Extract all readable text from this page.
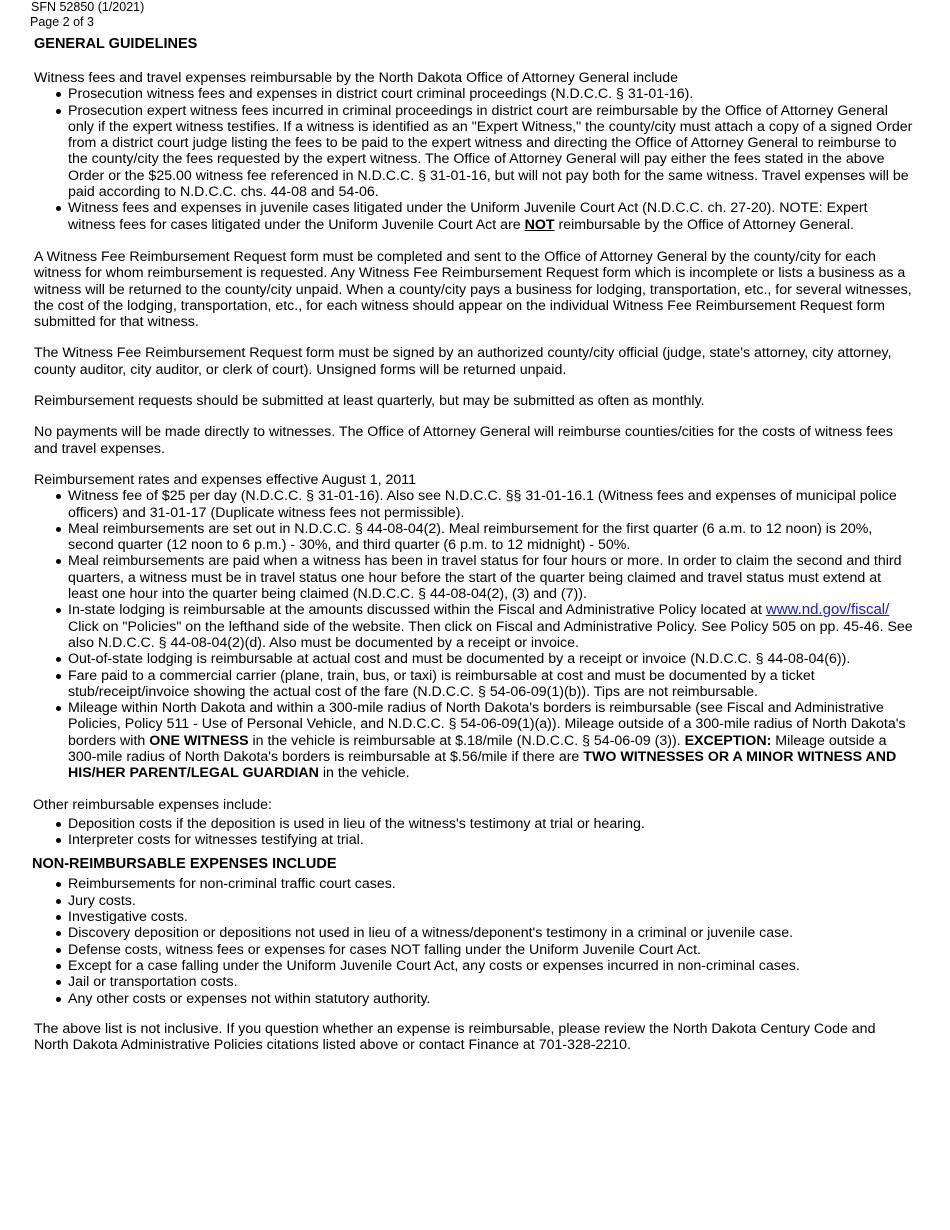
SFN 52850 (1/2021)
Page 2 of 3
GENERAL GUIDELINES

Witness fees and travel expenses reimbursable by the North Dakota Office of Attorney General include

Prosecution witness fees and expenses in district court criminal proceedings (N.D.C.C. § 31-01-16).
Prosecution expert witness fees incurred in criminal proceedings in district court are reimbursable by the Office of Attorney General only if the expert witness testifies. If a witness is identified as an "Expert Witness," the county/city must attach a copy of a signed Order from a district court judge listing the fees to be paid to the expert witness and directing the Office of Attorney General to reimburse to the county/city the fees requested by the expert witness. The Office of Attorney General will pay either the fees stated in the above Order or the $25.00 witness fee referenced in N.D.C.C. § 31-01-16, but will not pay both for the same witness. Travel expenses will be paid according to N.D.C.C. chs. 44-08 and 54-06.
Witness fees and expenses in juvenile cases litigated under the Uniform Juvenile Court Act (N.D.C.C. ch. 27-20). NOTE: Expert witness fees for cases litigated under the Uniform Juvenile Court Act are NOT reimbursable by the Office of Attorney General.

A Witness Fee Reimbursement Request form must be completed and sent to the Office of Attorney General by the county/city for each witness for whom reimbursement is requested. Any Witness Fee Reimbursement Request form which is incomplete or lists a business as a witness will be returned to the county/city unpaid. When a county/city pays a business for lodging, transportation, etc., for several witnesses, the cost of the lodging, transportation, etc., for each witness should appear on the individual Witness Fee Reimbursement Request form submitted for that witness.

The Witness Fee Reimbursement Request form must be signed by an authorized county/city official (judge, state's attorney, city attorney, county auditor, city auditor, or clerk of court). Unsigned forms will be returned unpaid.

Reimbursement requests should be submitted at least quarterly, but may be submitted as often as monthly.

No payments will be made directly to witnesses. The Office of Attorney General will reimburse counties/cities for the costs of witness fees and travel expenses.

Reimbursement rates and expenses effective August 1, 2011

Witness fee of $25 per day (N.D.C.C. § 31-01-16). Also see N.D.C.C. §§ 31-01-16.1 (Witness fees and expenses of municipal police officers) and 31-01-17 (Duplicate witness fees not permissible).
Meal reimbursements are set out in N.D.C.C. § 44-08-04(2). Meal reimbursement for the first quarter (6 a.m. to 12 noon) is 20%, second quarter (12 noon to 6 p.m.) - 30%, and third quarter (6 p.m. to 12 midnight) - 50%.
Meal reimbursements are paid when a witness has been in travel status for four hours or more. In order to claim the second and third quarters, a witness must be in travel status one hour before the start of the quarter being claimed and travel status must extend at least one hour into the quarter being claimed (N.D.C.C. § 44-08-04(2), (3) and (7)).
In-state lodging is reimbursable at the amounts discussed within the Fiscal and Administrative Policy located at www.nd.gov/fiscal/ Click on "Policies" on the lefthand side of the website. Then click on Fiscal and Administrative Policy. See Policy 505 on pp. 45-46. See also N.D.C.C. § 44-08-04(2)(d). Also must be documented by a receipt or invoice.
Out-of-state lodging is reimbursable at actual cost and must be documented by a receipt or invoice (N.D.C.C. § 44-08-04(6)).
Fare paid to a commercial carrier (plane, train, bus, or taxi) is reimbursable at cost and must be documented by a ticket stub/receipt/invoice showing the actual cost of the fare (N.D.C.C. § 54-06-09(1)(b)). Tips are not reimbursable.
Mileage within North Dakota and within a 300-mile radius of North Dakota's borders is reimbursable (see Fiscal and Administrative Policies, Policy 511 - Use of Personal Vehicle, and N.D.C.C. § 54-06-09(1)(a)). Mileage outside of a 300-mile radius of North Dakota's borders with ONE WITNESS in the vehicle is reimbursable at $.18/mile (N.D.C.C. § 54-06-09 (3)). EXCEPTION: Mileage outside a 300-mile radius of North Dakota's borders is reimbursable at $.56/mile if there are TWO WITNESSES OR A MINOR WITNESS AND HIS/HER PARENT/LEGAL GUARDIAN in the vehicle.

Other reimbursable expenses include:

Deposition costs if the deposition is used in lieu of the witness's testimony at trial or hearing.
Interpreter costs for witnesses testifying at trial.
NON-REIMBURSABLE EXPENSES INCLUDE
Reimbursements for non-criminal traffic court cases.
Jury costs.
Investigative costs.
Discovery deposition or depositions not used in lieu of a witness/deponent's testimony in a criminal or juvenile case.
Defense costs, witness fees or expenses for cases NOT falling under the Uniform Juvenile Court Act.
Except for a case falling under the Uniform Juvenile Court Act, any costs or expenses incurred in non-criminal cases.
Jail or transportation costs.
Any other costs or expenses not within statutory authority.

The above list is not inclusive. If you question whether an expense is reimbursable, please review the North Dakota Century Code and North Dakota Administrative Policies citations listed above or contact Finance at 701-328-2210.
